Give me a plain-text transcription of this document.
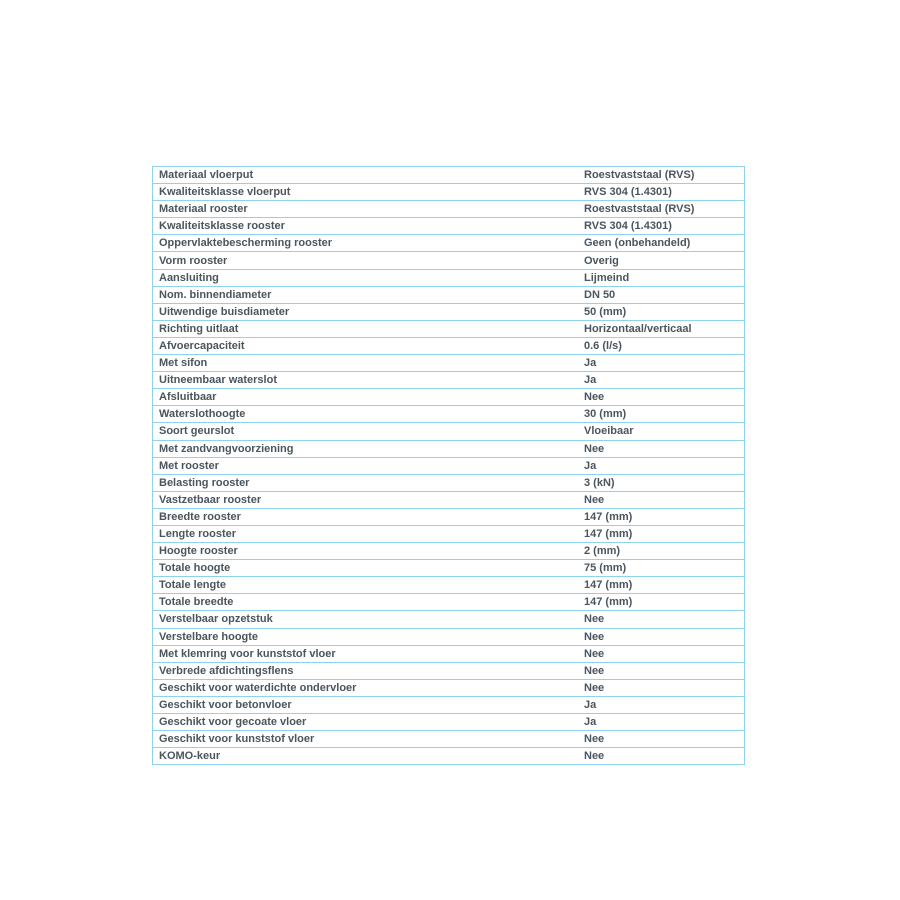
Materiaal vloerput	Roestvaststaal (RVS)
Kwaliteitsklasse vloerput	RVS 304 (1.4301)
Materiaal rooster	Roestvaststaal (RVS)
Kwaliteitsklasse rooster	RVS 304 (1.4301)
Oppervlaktebescherming rooster	Geen (onbehandeld)
Vorm rooster	Overig
Aansluiting	Lijmeind
Nom. binnendiameter	DN 50
Uitwendige buisdiameter	50 (mm)
Richting uitlaat	Horizontaal/verticaal
Afvoercapaciteit	0.6 (l/s)
Met sifon	Ja
Uitneembaar waterslot	Ja
Afsluitbaar	Nee
Waterslothoogte	30 (mm)
Soort geurslot	Vloeibaar
Met zandvangvoorziening	Nee
Met rooster	Ja
Belasting rooster	3 (kN)
Vastzetbaar rooster	Nee
Breedte rooster	147 (mm)
Lengte rooster	147 (mm)
Hoogte rooster	2 (mm)
Totale hoogte	75 (mm)
Totale lengte	147 (mm)
Totale breedte	147 (mm)
Verstelbaar opzetstuk	Nee
Verstelbare hoogte	Nee
Met klemring voor kunststof vloer	Nee
Verbrede afdichtingsflens	Nee
Geschikt voor waterdichte ondervloer	Nee
Geschikt voor betonvloer	Ja
Geschikt voor gecoate vloer	Ja
Geschikt voor kunststof vloer	Nee
KOMO-keur	Nee
